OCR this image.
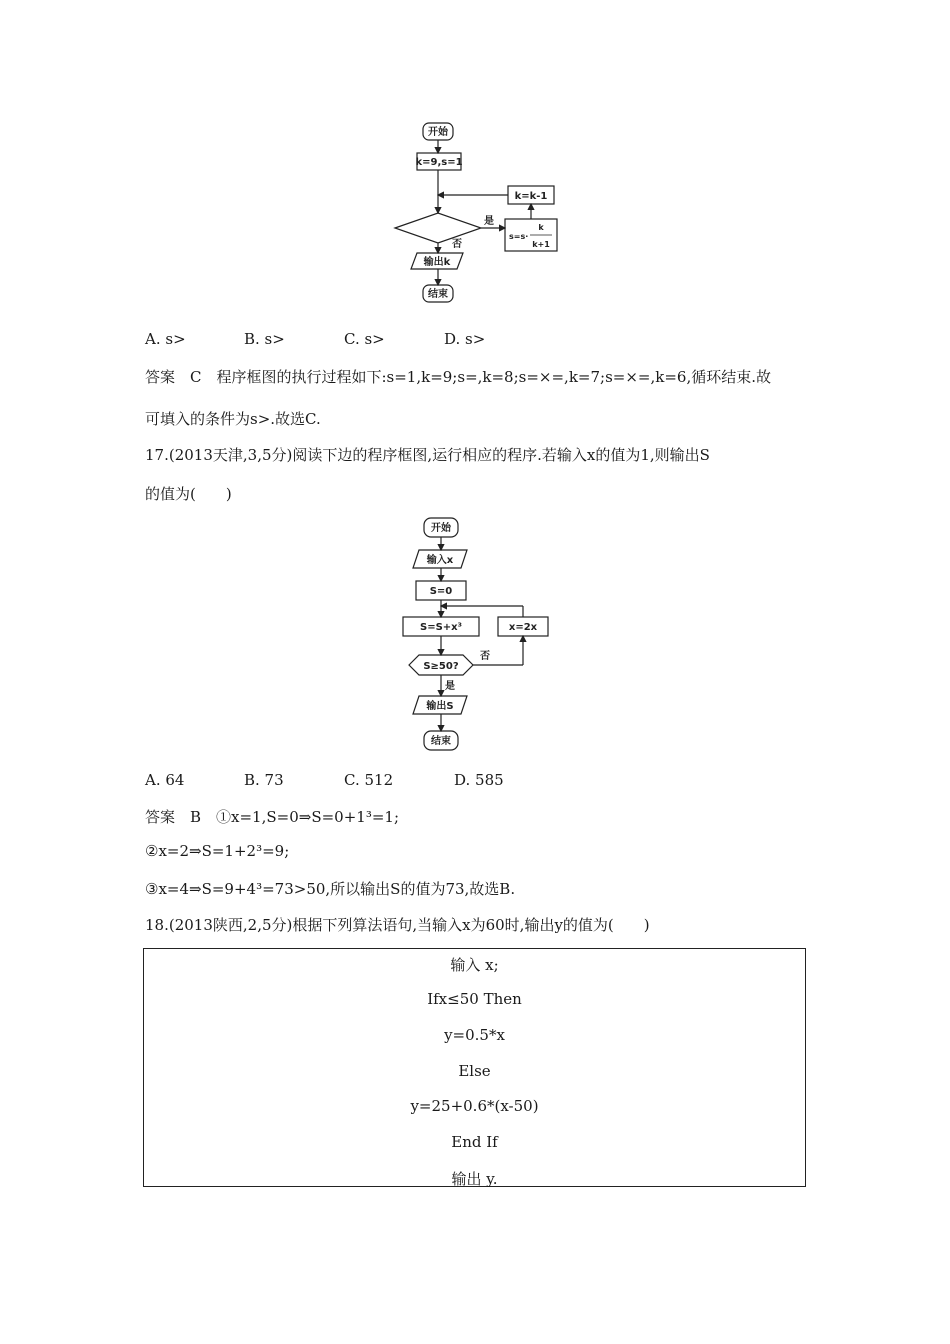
开始
k=9,s=1
k=k-1
是
否
s=s·
k
k+1
输出k
结束
A. s>	B. s>	C. s>	D. s>
答案　C　程序框图的执行过程如下:s=1,k=9;s=,k=8;s=×=,k=7;s=×=,k=6,循环结束.故
可填入的条件为s>.故选C.
17.(2013天津,3,5分)阅读下边的程序框图,运行相应的程序.若输入x的值为1,则输出S
的值为(　　)
开始
输入x
S=0
S=S+x³	x=2x
S≥50?
否
是
输出S
结束
A. 64	B. 73	C. 512	D. 585
答案　B　①x=1,S=0⇒S=0+1³=1;
②x=2⇒S=1+2³=9;
③x=4⇒S=9+4³=73>50,所以输出S的值为73,故选B.
18.(2013陕西,2,5分)根据下列算法语句,当输入x为60时,输出y的值为(　　)
输入 x;
Ifx≤50 Then
y=0.5*x
Else
y=25+0.6*(x-50)
End If
输出 y.
